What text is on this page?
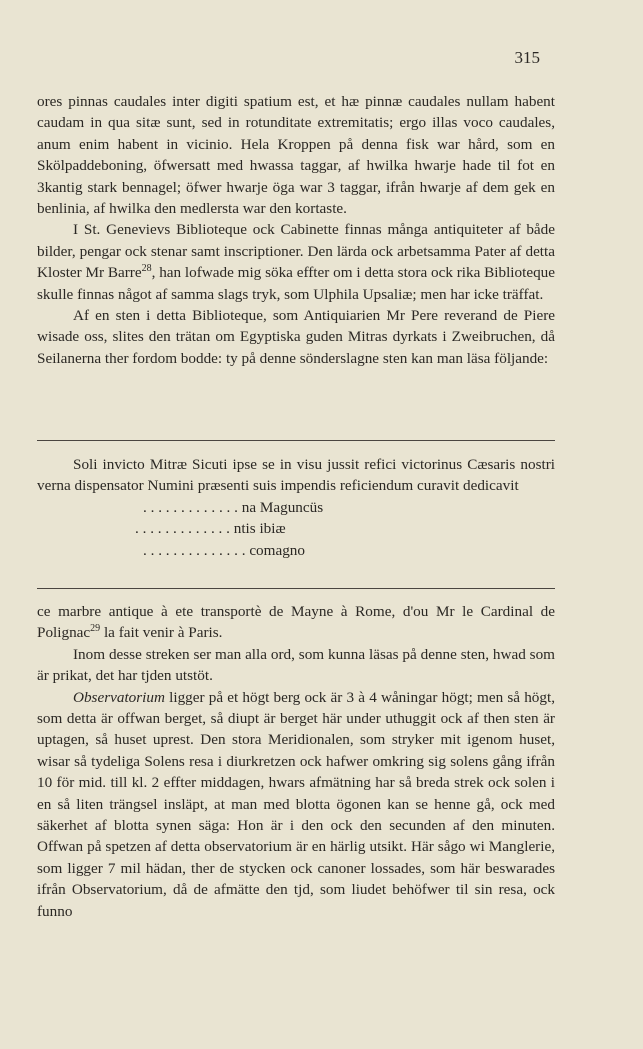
315

ores pinnas caudales inter digiti spatium est, et hæ pinnæ caudales nullam habent caudam in qua sitæ sunt, sed in rotunditate extremitatis; ergo illas voco caudales, anum enim habent in vicinio. Hela Kroppen på denna fisk war hård, som en Skölpaddeboning, öfwersatt med hwassa taggar, af hwilka hwarje hade til fot en 3kantig stark bennagel; öfwer hwarje öga war 3 taggar, ifrån hwarje af dem gek en benlinia, af hwilka den medlersta war den kortaste.

I St. Genevievs Biblioteque ock Cabinette finnas många antiquiteter af både bilder, pengar ock stenar samt inscriptioner. Den lärda ock arbetsamma Pater af detta Kloster Mr Barre$^{28}$, han lofwade mig söka effter om i detta stora ock rika Biblioteque skulle finnas något af samma slags tryk, som Ulphila Upsaliæ; men har icke träffat.

Af en sten i detta Biblioteque, som Antiquiarien Mr Pere reverand de Piere wisade oss, slites den trätan om Egyptiska guden Mitras dyrkats i Zweibruchen, då Seilanerna ther fordom bodde: ty på denne sönderslagne sten kan man läsa följande:

Soli invicto Mitræ Sicuti ipse se in visu jussit refici victorinus Cæsaris nostri verna dispensator Numini præsenti suis impendis reficiendum curavit dedicavit

. . . . . . . . . . . . . na Maguncüs

. . . . . . . . . . . . . ntis ibiæ

. . . . . . . . . . . . . . comagno

ce marbre antique à ete transportè de Mayne à Rome, d'ou Mr le Cardinal de Polignac$^{29}$ la fait venir à Paris.

Inom desse streken ser man alla ord, som kunna läsas på denne sten, hwad som är prikat, det har tjden utstöt.

Observatorium ligger på et högt berg ock är 3 à 4 wåningar högt; men så högt, som detta är offwan berget, så diupt är berget här under uthuggit ock af then sten är uptagen, så huset uprest. Den stora Meridionalen, som stryker mit igenom huset, wisar så tydeliga Solens resa i diurkretzen ock hafwer omkring sig solens gång ifrån 10 för mid. till kl. 2 effter middagen, hwars afmätning har så breda strek ock solen i en så liten trängsel insläpt, at man med blotta ögonen kan se henne gå, ock med säkerhet af blotta synen säga: Hon är i den ock den secunden af den minuten. Offwan på spetzen af detta observatorium är en härlig utsikt. Här sågo wi Manglerie, som ligger 7 mil hädan, ther de stycken ock canoner lossades, som här beswarades ifrån Observatorium, då de afmätte den tjd, som liudet behöfwer til sin resa, ock funno
